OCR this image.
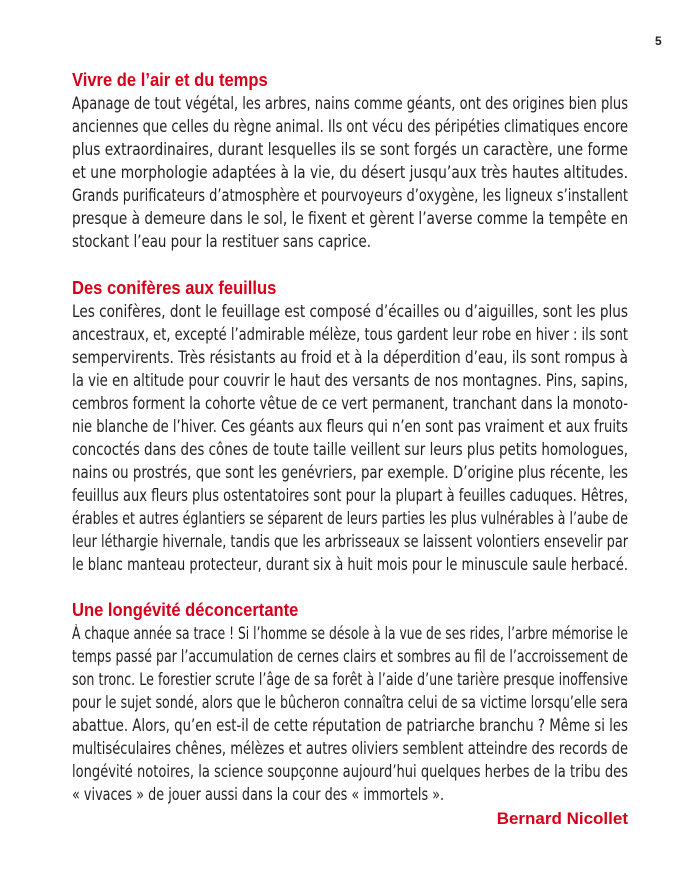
5
Vivre de l’air et du temps
Apanage de tout végétal, les arbres, nains comme géants, ont des origines bien plus
anciennes que celles du règne animal. Ils ont vécu des péripéties climatiques encore
plus extraordinaires, durant lesquelles ils se sont forgés un caractère, une forme
et une morphologie adaptées à la vie, du désert jusqu’aux très hautes altitudes.
Grands purificateurs d’atmosphère et pourvoyeurs d’oxygène, les ligneux s’installent
presque à demeure dans le sol, le fixent et gèrent l’averse comme la tempête en
stockant l’eau pour la restituer sans caprice.
Des conifères aux feuillus
Les conifères, dont le feuillage est composé d’écailles ou d’aiguilles, sont les plus
ancestraux, et, excepté l’admirable mélèze, tous gardent leur robe en hiver : ils sont
sempervirents. Très résistants au froid et à la déperdition d’eau, ils sont rompus à
la vie en altitude pour couvrir le haut des versants de nos montagnes. Pins, sapins,
cembros forment la cohorte vêtue de ce vert permanent, tranchant dans la monoto-
nie blanche de l’hiver. Ces géants aux fleurs qui n’en sont pas vraiment et aux fruits
concoctés dans des cônes de toute taille veillent sur leurs plus petits homologues,
nains ou prostrés, que sont les genévriers, par exemple. D’origine plus récente, les
feuillus aux fleurs plus ostentatoires sont pour la plupart à feuilles caduques. Hêtres,
érables et autres églantiers se séparent de leurs parties les plus vulnérables à l’aube de
leur léthargie hivernale, tandis que les arbrisseaux se laissent volontiers ensevelir par
le blanc manteau protecteur, durant six à huit mois pour le minuscule saule herbacé.
Une longévité déconcertante
À chaque année sa trace ! Si l’homme se désole à la vue de ses rides, l’arbre mémorise le
temps passé par l’accumulation de cernes clairs et sombres au fil de l’accroissement de
son tronc. Le forestier scrute l’âge de sa forêt à l’aide d’une tarière presque inoffensive
pour le sujet sondé, alors que le bûcheron connaîtra celui de sa victime lorsqu’elle sera
abattue. Alors, qu’en est-il de cette réputation de patriarche branchu ? Même si les
multiséculaires chênes, mélèzes et autres oliviers semblent atteindre des records de
longévité notoires, la science soupçonne aujourd’hui quelques herbes de la tribu des
« vivaces » de jouer aussi dans la cour des « immortels ».
Bernard Nicollet
